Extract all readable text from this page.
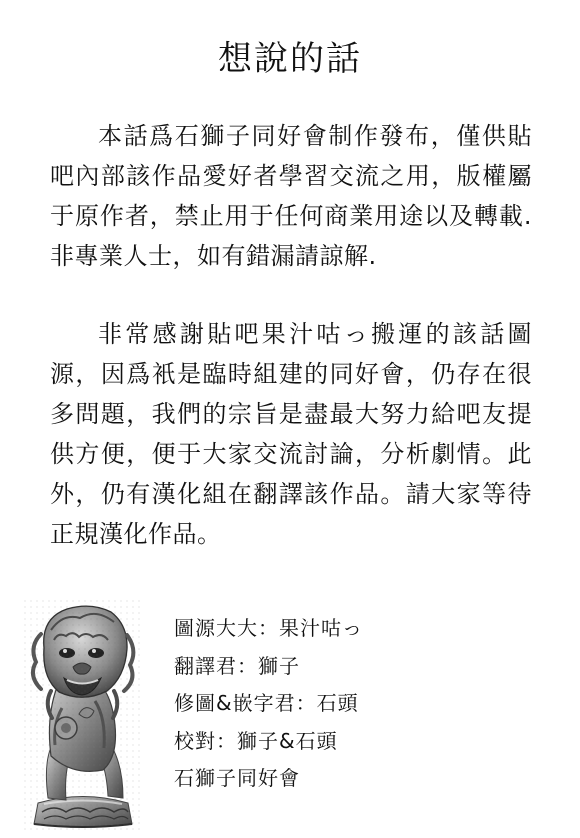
想說的話

本話爲石獅子同好會制作發布，僅供貼吧內部該作品愛好者學習交流之用，版權屬于原作者，禁止用于任何商業用途以及轉載.非專業人士，如有錯漏請諒解.

非常感謝貼吧果汁咕っ搬運的該話圖源，因爲衹是臨時組建的同好會，仍存在很多問題，我們的宗旨是盡最大努力給吧友提供方便，便于大家交流討論，分析劇情。此外，仍有漢化組在翻譯該作品。請大家等待正規漢化作品。

圖源大大：果汁咕っ
翻譯君：獅子
修圖&嵌字君：石頭
校對：獅子&石頭
石獅子同好會
